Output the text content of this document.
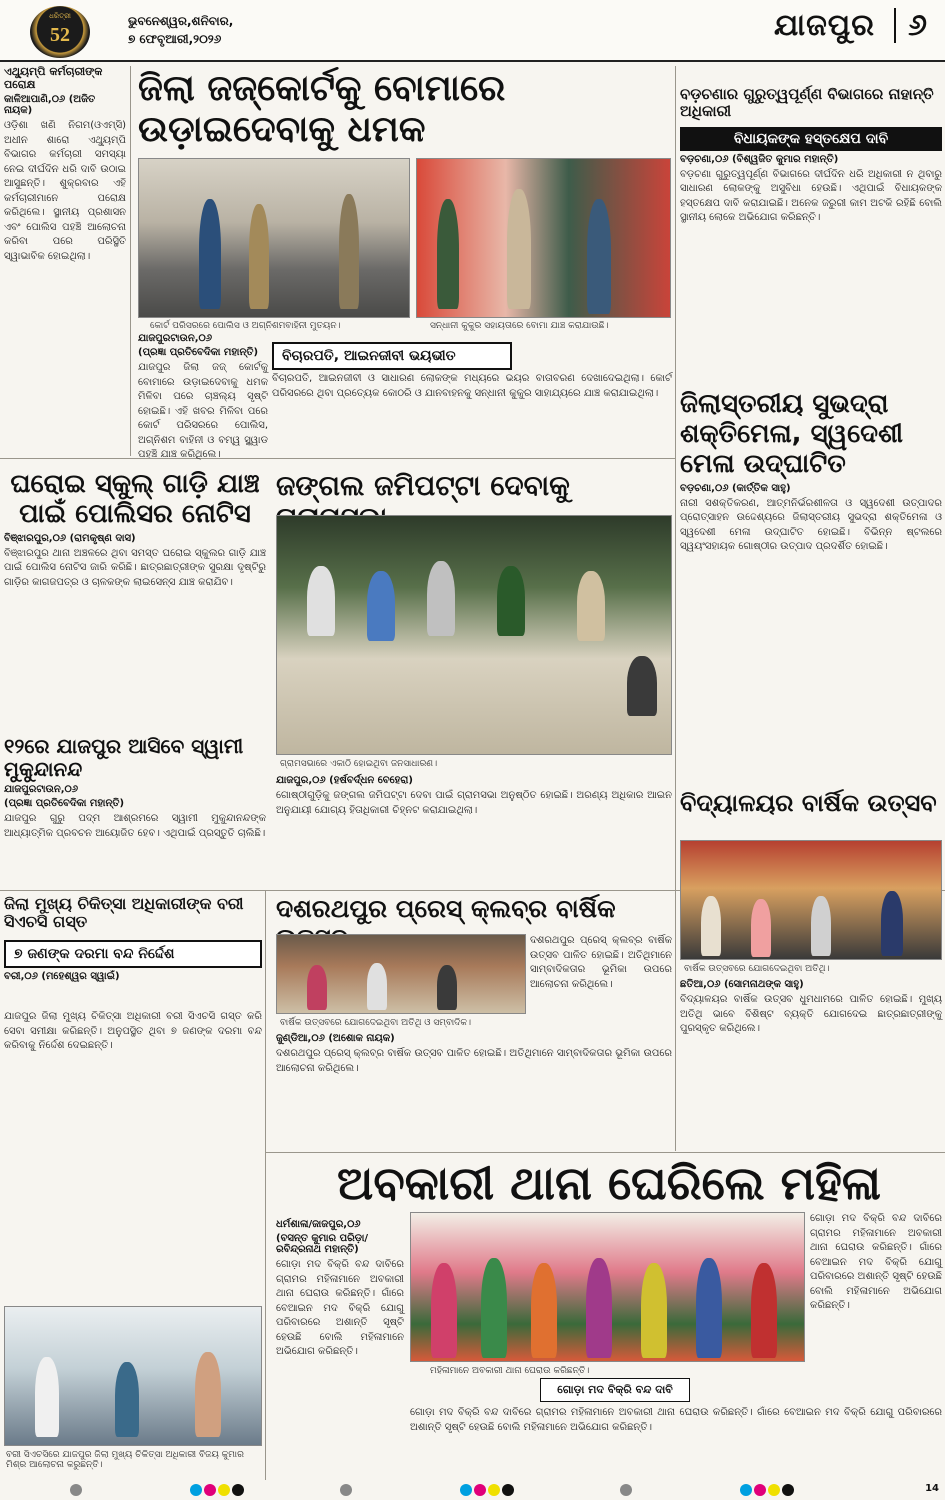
ଧରିତ୍ରୀ
52
ଭୁବନେଶ୍ୱର,ଶନିବାର,
୭ ଫେବୃଆରୀ,୨୦୨୬	ଯାଜପୁର	୬
ଏଥ୍ୟୁମ୍‌ପି କର୍ମଚାରୀଙ୍କ ପରୋକ୍ଷ
କାଳିଆପାଣି,୦୬ (ଅଜିତ ନାୟକ)
ଓଡ଼ିଶା ଖଣି ନିଗମ(ଓଏମ୍‌ସି) ଅଧୀନ ଶାରୋ ଏଥ୍ୟୁମ୍‌ପି ବିଭାଗର କର୍ମଚାରୀ ସମସ୍ୟା ନେଇ ଦୀର୍ଘଦିନ ଧରି ଦାବି ଉଠାଇ ଆସୁଛନ୍ତି। ଶୁକ୍ରବାର ଏହି କର୍ମଚାରୀମାନେ ପରୋକ୍ଷ କରିଥିଲେ। ସ୍ଥାନୀୟ ପ୍ରଶାସନ ଏବଂ ପୋଲିସ ପହଞ୍ଚି ଆଲୋଚନା କରିବା ପରେ ପରିସ୍ଥିତି ସ୍ୱାଭାବିକ ହୋଇଥିଲା।
ଜିଲା ଜଜ୍‌କୋର୍ଟକୁ ବୋମାରେ ଉଡ଼ାଇଦେବାକୁ ଧମକ
କୋର୍ଟ ପରିସରରେ ପୋଲିସ ଓ ଅଗ୍ନିଶମବାହିନୀ ମୁତୟନ।	ସନ୍ଧାନୀ କୁକୁର ସହାୟତାରେ ବୋମା ଯାଞ୍ଚ କରାଯାଉଛି।
ଯାଜପୁରଟାଉନ,୦୬
(ପ୍ରଜ୍ଞା ପ୍ରତିବେଦିକା ମହାନ୍ତି)
ଯାଜପୁର ଜିଲା ଜଜ୍ କୋର୍ଟକୁ ବୋମାରେ ଉଡ଼ାଇଦେବାକୁ ଧମକ ମିଳିବା ପରେ ଚାଞ୍ଚଲ୍ୟ ସୃଷ୍ଟି ହୋଇଛି। ଏହି ଖବର ମିଳିବା ପରେ କୋର୍ଟ ପରିସରରେ ପୋଲିସ, ଅଗ୍ନିଶମ ବାହିନୀ ଓ ବମ୍ୱ ସ୍କ୍ୱାଡ ପହଞ୍ଚି ଯାଞ୍ଚ କରିଥିଲେ।
ବିଚାରପତି, ଆଇନଜୀବୀ ଭୟଭୀତ
ବିଚାରପତି, ଆଇନଜୀବୀ ଓ ସାଧାରଣ ଲୋକଙ୍କ ମଧ୍ୟରେ ଭୟର ବାତାବରଣ ଦେଖାଦେଇଥିଲା। କୋର୍ଟ ପରିସରରେ ଥିବା ପ୍ରତ୍ୟେକ କୋଠରି ଓ ଯାନବାହନକୁ ସନ୍ଧାନୀ କୁକୁର ସାହାଯ୍ୟରେ ଯାଞ୍ଚ କରାଯାଇଥିଲା।
ବଡ଼ଚଣାର ଗୁରୁତ୍ୱପୂର୍ଣ୍ଣ ବିଭାଗରେ ନାହାନ୍ତି ଅଧିକାରୀ
ବିଧାୟକଙ୍କ ହସ୍ତକ୍ଷେପ ଦାବି
ବଡ଼ଚଣା,୦୬ (ବିଶ୍ୱଜିତ କୁମାର ମହାନ୍ତି)
ବଡ଼ଚଣା ଗୁରୁତ୍ୱପୂର୍ଣ୍ଣ ବିଭାଗରେ ଦୀର୍ଘଦିନ ଧରି ଅଧିକାରୀ ନ ଥିବାରୁ ସାଧାରଣ ଲୋକଙ୍କୁ ଅସୁବିଧା ହେଉଛି। ଏଥିପାଇଁ ବିଧାୟକଙ୍କ ହସ୍ତକ୍ଷେପ ଦାବି କରାଯାଇଛି। ଅନେକ ଜରୁରୀ କାମ ଅଟକି ରହିଛି ବୋଲି ସ୍ଥାନୀୟ ଲୋକେ ଅଭିଯୋଗ କରିଛନ୍ତି।
ଜିଲାସ୍ତରୀୟ ସୁଭଦ୍ରା ଶକ୍ତିମେଳା, ସ୍ୱଦେଶୀ ମେଳା ଉଦ୍‌ଘାଟିତ
ବଡ଼ଚଣା,୦୬ (କାର୍ତ୍ତିକ ସାହୁ)
ନାରୀ ସଶକ୍ତିକରଣ, ଆତ୍ମନିର୍ଭରଶୀଳତା ଓ ସ୍ୱଦେଶୀ ଉତ୍ପାଦର ପ୍ରୋତ୍ସାହନ ଉଦ୍ଦେଶ୍ୟରେ ଜିଲାସ୍ତରୀୟ ସୁଭଦ୍ରା ଶକ୍ତିମେଳା ଓ ସ୍ୱଦେଶୀ ମେଳା ଉଦ୍‌ଘାଟିତ ହୋଇଛି। ବିଭିନ୍ନ ଷ୍ଟଲରେ ସ୍ୱୟଂସହାୟକ ଗୋଷ୍ଠୀର ଉତ୍ପାଦ ପ୍ରଦର୍ଶିତ ହୋଇଛି।
ଘରୋଇ ସ୍କୁଲ୍ ଗାଡ଼ି ଯାଞ୍ଚ ପାଇଁ ପୋଲିସର ନୋଟିସ
ବିଞ୍ଝାରପୁର,୦୬ (ରାମକୃଷ୍ଣ ଦାସ)
ବିଞ୍ଝାରପୁର ଥାନା ଅଞ୍ଚଳରେ ଥିବା ସମସ୍ତ ଘରୋଇ ସ୍କୁଲର ଗାଡ଼ି ଯାଞ୍ଚ ପାଇଁ ପୋଲିସ ନୋଟିସ ଜାରି କରିଛି। ଛାତ୍ରଛାତ୍ରୀଙ୍କ ସୁରକ୍ଷା ଦୃଷ୍ଟିରୁ ଗାଡ଼ିର କାଗଜପତ୍ର ଓ ଚାଳକଙ୍କ ଲାଇସେନ୍ସ ଯାଞ୍ଚ କରାଯିବ।
ଜଙ୍ଗଲ ଜମିପଟ୍ଟା ଦେବାକୁ
ଗ୍ରାମସଭାରେ ଏକାଠି ହୋଇଥିବା ଜନସାଧାରଣ।
ଯାଜପୁର,୦୬ (ହର୍ଷବର୍ଦ୍ଧନ ବେହେରା)
ଗୋଷ୍ଠୀଗୁଡ଼ିକୁ ଜଙ୍ଗଲ ଜମିପଟ୍ଟା ଦେବା ପାଇଁ ଗ୍ରାମସଭା ଅନୁଷ୍ଠିତ ହୋଇଛି। ଅରଣ୍ୟ ଅଧିକାର ଆଇନ ଅନୁଯାୟୀ ଯୋଗ୍ୟ ହିତାଧିକାରୀ ଚିହ୍ନଟ କରାଯାଇଥିଲା।
୧୨ରେ ଯାଜପୁର ଆସିବେ ସ୍ୱାମୀ ମୁକୁନ୍ଦାନନ୍ଦ
ଯାଜପୁରଟାଉନ,୦୬
(ପ୍ରଜ୍ଞା ପ୍ରତିବେଦିକା ମହାନ୍ତି)
ଯାଜପୁର ଗୁରୁ ପଦ୍ମ ଆଶ୍ରମରେ ସ୍ୱାମୀ ମୁକୁନ୍ଦାନନ୍ଦଙ୍କ ଆଧ୍ୟାତ୍ମିକ ପ୍ରବଚନ ଆୟୋଜିତ ହେବ। ଏଥିପାଇଁ ପ୍ରସ୍ତୁତି ଚାଲିଛି।
ବିଦ୍ୟାଳୟର ବାର୍ଷିକ ଉତ୍ସବ
ବାର୍ଷିକ ଉତ୍ସବରେ ଯୋଗଦେଇଥିବା ଅତିଥି।
ଛତିଆ,୦୬ (ସୋମନାଥଙ୍କ ସାହୁ)
ବିଦ୍ୟାଳୟର ବାର୍ଷିକ ଉତ୍ସବ ଧୁମଧାମରେ ପାଳିତ ହୋଇଛି। ମୁଖ୍ୟ ଅତିଥି ଭାବେ ବିଶିଷ୍ଟ ବ୍ୟକ୍ତି ଯୋଗଦେଇ ଛାତ୍ରଛାତ୍ରୀଙ୍କୁ ପୁରସ୍କୃତ କରିଥିଲେ।
ଦଶରଥପୁର ପ୍ରେସ୍ କ୍ଲବ୍‌ର ବାର୍ଷିକ
ବାର୍ଷିକ ଉତ୍ସବରେ ଯୋଗଦେଇଥିବା ଅତିଥି ଓ ସମ୍ବାଦିକ।
ଜୁଣ୍ଡିଆ,୦୬ (ଅଶୋକ ନାୟକ)
ଦଶରଥପୁର ପ୍ରେସ୍ କ୍ଲବ୍‌ର ବାର୍ଷିକ ଉତ୍ସବ ପାଳିତ ହୋଇଛି। ଅତିଥିମାନେ ସାମ୍ବାଦିକତାର ଭୂମିକା ଉପରେ ଆଲୋଚନା କରିଥିଲେ।
ଦଶରଥପୁର ପ୍ରେସ୍ କ୍ଲବ୍‌ର ବାର୍ଷିକ ଉତ୍ସବ ପାଳିତ ହୋଇଛି। ଅତିଥିମାନେ ସାମ୍ବାଦିକତାର ଭୂମିକା ଉପରେ ଆଲୋଚନା କରିଥିଲେ।
ଜିଲା ମୁଖ୍ୟ ଚିକିତ୍ସା ଅଧିକାରୀଙ୍କ ବରୀ ସିଏଚସି ଗସ୍ତ
୭ ଜଣଙ୍କ ଦରମା ବନ୍ଦ ନିର୍ଦ୍ଦେଶ
ବରୀ,୦୬ (ମହେଶ୍ୱର ସ୍ୱାଇଁ)
ଯାଜପୁର ଜିଲା ମୁଖ୍ୟ ଚିକିତ୍ସା ଅଧିକାରୀ ବରୀ ସିଏଚସି ଗସ୍ତ କରି ସେବା ସମୀକ୍ଷା କରିଛନ୍ତି। ଅନୁପସ୍ଥିତ ଥିବା ୭ ଜଣଙ୍କ ଦରମା ବନ୍ଦ କରିବାକୁ ନିର୍ଦ୍ଦେଶ ଦେଇଛନ୍ତି।
ବରୀ ସିଏଚସିରେ ଯାଜପୁର ଜିଲା ମୁଖ୍ୟ ଚିକିତ୍ସା ଅଧିକାରୀ ବିଜୟ କୁମାର ମିଶ୍ର ଆଲୋଚନା କରୁଛନ୍ତି।
ଅବକାରୀ ଥାନା ଘେରିଲେ ମହିଳା
ଧର୍ମଶାଳା/ଜାଜପୁର,୦୬
(ବସନ୍ତ କୁମାର ପରିଡ଼ା/ରବିନ୍ଦ୍ରନାଥ ମହାନ୍ତି)
ଗୋଡ଼ା ମଦ ବିକ୍ରି ବନ୍ଦ ଦାବିରେ ଗ୍ରାମର ମହିଳାମାନେ ଅବକାରୀ ଥାନା ଘେରାଉ କରିଛନ୍ତି। ଗାଁରେ ବେଆଇନ ମଦ ବିକ୍ରି ଯୋଗୁ ପରିବାରରେ ଅଶାନ୍ତି ସୃଷ୍ଟି ହେଉଛି ବୋଲି ମହିଳାମାନେ ଅଭିଯୋଗ କରିଛନ୍ତି।
ମହିଳାମାନେ ଅବକାରୀ ଥାନା ଘେରାଉ କରିଛନ୍ତି।
ଗୋଡ଼ା ମଦ ବିକ୍ରି ବନ୍ଦ ଦାବି
ଗୋଡ଼ା ମଦ ବିକ୍ରି ବନ୍ଦ ଦାବିରେ ଗ୍ରାମର ମହିଳାମାନେ ଅବକାରୀ ଥାନା ଘେରାଉ କରିଛନ୍ତି। ଗାଁରେ ବେଆଇନ ମଦ ବିକ୍ରି ଯୋଗୁ ପରିବାରରେ ଅଶାନ୍ତି ସୃଷ୍ଟି ହେଉଛି ବୋଲି ମହିଳାମାନେ ଅଭିଯୋଗ କରିଛନ୍ତି।
ଗୋଡ଼ା ମଦ ବିକ୍ରି ବନ୍ଦ ଦାବିରେ ଗ୍ରାମର ମହିଳାମାନେ ଅବକାରୀ ଥାନା ଘେରାଉ କରିଛନ୍ତି। ଗାଁରେ ବେଆଇନ ମଦ ବିକ୍ରି ଯୋଗୁ ପରିବାରରେ ଅଶାନ୍ତି ସୃଷ୍ଟି ହେଉଛି ବୋଲି ମହିଳାମାନେ ଅଭିଯୋଗ କରିଛନ୍ତି।
14
